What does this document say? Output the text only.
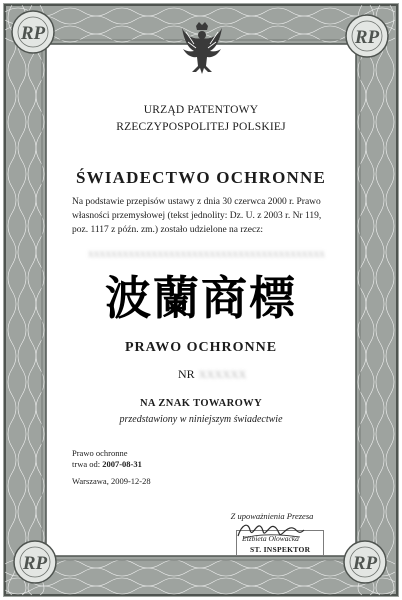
RP	RP
RP	RP
URZĄD PATENTOWY
RZECZYPOSPOLITEJ POLSKIEJ
ŚWIADECTWO OCHRONNE
Na podstawie przepisów ustawy z dnia 30 czerwca 2000 r. Prawo
własności przemysłowej (tekst jednolity: Dz. U. z 2003 r. Nr 119,
poz. 1117 z późn. zm.) zostało udzielone na rzecz:
XXXXXXXXXXXXXXXXXXXXXXXXXXXXXXXXXXXXXXXXX
波蘭商標
PRAWO OCHRONNE
NR XXXXXX
NA ZNAK TOWAROWY
przedstawiony w niniejszym świadectwie
Prawo ochronne
trwa od: 2007-08-31
Warszawa, 2009-12-28
Z upoważnienia Prezesa
Elżbieta Olowacka
ST. INSPEKTOR
